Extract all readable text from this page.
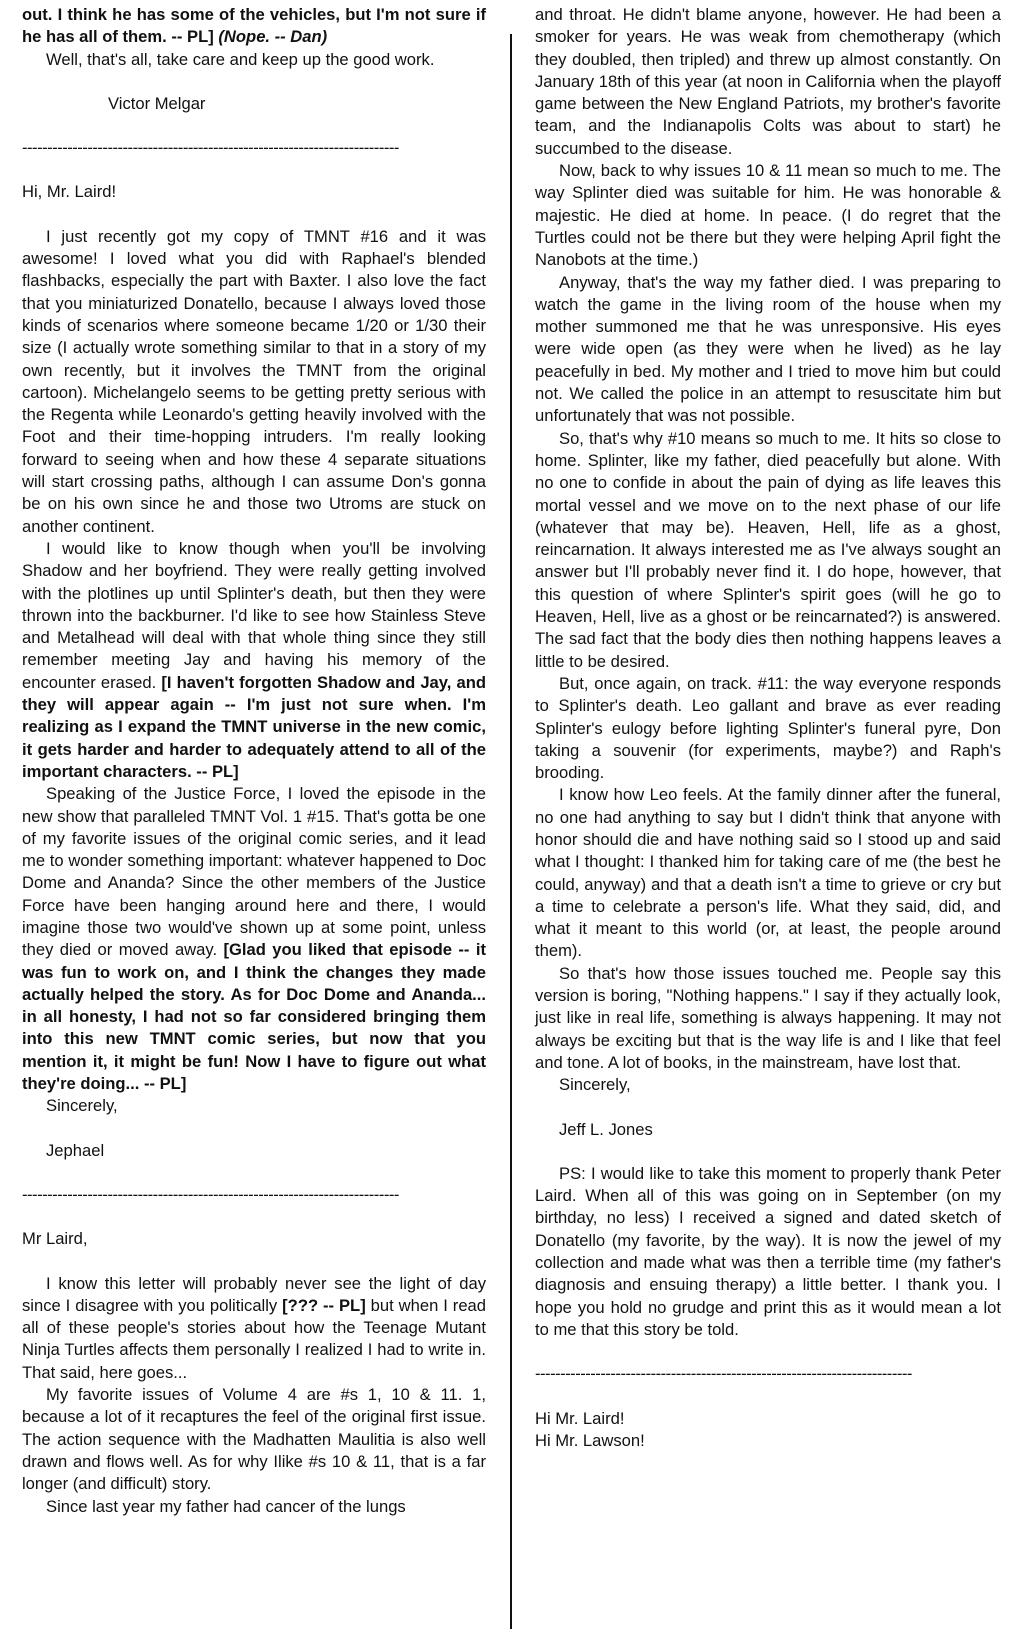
out. I think he has some of the vehicles, but I'm not sure if he has all of them. -- PL] (Nope. -- Dan)

Well, that's all, take care and keep up the good work.

Victor Melgar

---------------------------------------------------------------------------

Hi, Mr. Laird!

I just recently got my copy of TMNT #16 and it was awesome! I loved what you did with Raphael's blended flashbacks, especially the part with Baxter. I also love the fact that you miniaturized Donatello, because I always loved those kinds of scenarios where someone became 1/20 or 1/30 their size (I actually wrote something similar to that in a story of my own recently, but it involves the TMNT from the original cartoon). Michelangelo seems to be getting pretty serious with the Regenta while Leonardo's getting heavily involved with the Foot and their time-hopping intruders. I'm really looking forward to seeing when and how these 4 separate situations will start crossing paths, although I can assume Don's gonna be on his own since he and those two Utroms are stuck on another continent.

I would like to know though when you'll be involving Shadow and her boyfriend. They were really getting involved with the plotlines up until Splinter's death, but then they were thrown into the backburner. I'd like to see how Stainless Steve and Metalhead will deal with that whole thing since they still remember meeting Jay and having his memory of the encounter erased. [I haven't forgotten Shadow and Jay, and they will appear again -- I'm just not sure when. I'm realizing as I expand the TMNT universe in the new comic, it gets harder and harder to adequately attend to all of the important characters. -- PL]

Speaking of the Justice Force, I loved the episode in the new show that paralleled TMNT Vol. 1 #15. That's gotta be one of my favorite issues of the original comic series, and it lead me to wonder something important: whatever happened to Doc Dome and Ananda? Since the other members of the Justice Force have been hanging around here and there, I would imagine those two would've shown up at some point, unless they died or moved away. [Glad you liked that episode -- it was fun to work on, and I think the changes they made actually helped the story. As for Doc Dome and Ananda... in all honesty, I had not so far considered bringing them into this new TMNT comic series, but now that you mention it, it might be fun! Now I have to figure out what they're doing... -- PL]

Sincerely,

Jephael

---------------------------------------------------------------------------

Mr Laird,

I know this letter will probably never see the light of day since I disagree with you politically [??? -- PL] but when I read all of these people's stories about how the Teenage Mutant Ninja Turtles affects them personally I realized I had to write in. That said, here goes...

My favorite issues of Volume 4 are #s 1, 10 & 11. 1, because a lot of it recaptures the feel of the original first issue. The action sequence with the Madhatten Maulitia is also well drawn and flows well. As for why Ilike #s 10 & 11, that is a far longer (and difficult) story.

Since last year my father had cancer of the lungs

and throat. He didn't blame anyone, however. He had been a smoker for years. He was weak from chemotherapy (which they doubled, then tripled) and threw up almost constantly. On January 18th of this year (at noon in California when the playoff game between the New England Patriots, my brother's favorite team, and the Indianapolis Colts was about to start) he succumbed to the disease.

Now, back to why issues 10 & 11 mean so much to me. The way Splinter died was suitable for him. He was honorable & majestic. He died at home. In peace. (I do regret that the Turtles could not be there but they were helping April fight the Nanobots at the time.)

Anyway, that's the way my father died. I was preparing to watch the game in the living room of the house when my mother summoned me that he was unresponsive. His eyes were wide open (as they were when he lived) as he lay peacefully in bed. My mother and I tried to move him but could not. We called the police in an attempt to resuscitate him but unfortunately that was not possible.

So, that's why #10 means so much to me. It hits so close to home. Splinter, like my father, died peacefully but alone. With no one to confide in about the pain of dying as life leaves this mortal vessel and we move on to the next phase of our life (whatever that may be). Heaven, Hell, life as a ghost, reincarnation. It always interested me as I've always sought an answer but I'll probably never find it. I do hope, however, that this question of where Splinter's spirit goes (will he go to Heaven, Hell, live as a ghost or be reincarnated?) is answered. The sad fact that the body dies then nothing happens leaves a little to be desired.

But, once again, on track. #11: the way everyone responds to Splinter's death. Leo gallant and brave as ever reading Splinter's eulogy before lighting Splinter's funeral pyre, Don taking a souvenir (for experiments, maybe?) and Raph's brooding.

I know how Leo feels. At the family dinner after the funeral, no one had anything to say but I didn't think that anyone with honor should die and have nothing said so I stood up and said what I thought: I thanked him for taking care of me (the best he could, anyway) and that a death isn't a time to grieve or cry but a time to celebrate a person's life. What they said, did, and what it meant to this world (or, at least, the people around them).

So that's how those issues touched me. People say this version is boring, "Nothing happens." I say if they actually look, just like in real life, something is always happening. It may not always be exciting but that is the way life is and I like that feel and tone. A lot of books, in the mainstream, have lost that.

Sincerely,

Jeff L. Jones

PS: I would like to take this moment to properly thank Peter Laird. When all of this was going on in September (on my birthday, no less) I received a signed and dated sketch of Donatello (my favorite, by the way). It is now the jewel of my collection and made what was then a terrible time (my father's diagnosis and ensuing therapy) a little better. I thank you. I hope you hold no grudge and print this as it would mean a lot to me that this story be told.

---------------------------------------------------------------------------

Hi Mr. Laird!

Hi Mr. Lawson!
